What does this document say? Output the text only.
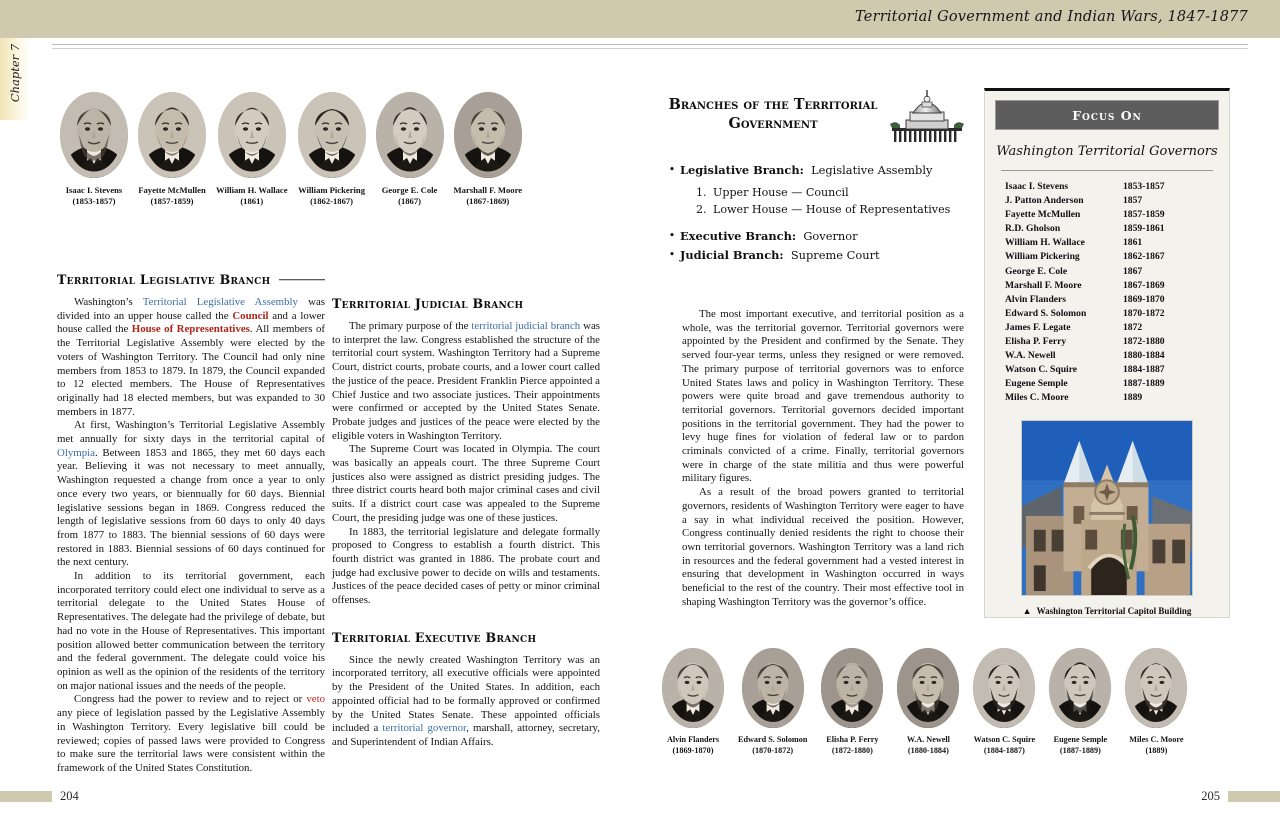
Territorial Government and Indian Wars, 1847-1877
Chapter 7
Isaac I. Stevens
(1853-1857)
Fayette McMullen
(1857-1859)
William H. Wallace
(1861)
William Pickering
(1862-1867)
George E. Cole
(1867)
Marshall F. Moore
(1867-1869)
Branches of the Territorial
Government
• Legislative Branch: Legislative Assembly
1. Upper House — Council
2. Lower House — House of Representatives
• Executive Branch: Governor
• Judicial Branch: Supreme Court
Territorial Legislative Branch

Washington’s Territorial Legislative Assembly was divided into an upper house called the Council and a lower house called the House of Representatives. All members of the Territorial Legislative Assembly were elected by the voters of Washington Territory. The Council had only nine members from 1853 to 1879. In 1879, the Council expanded to 12 elected members. The House of Representatives originally had 18 elected members, but was expanded to 30 members in 1877.

At first, Washington’s Territorial Legislative Assembly met annually for sixty days in the territorial capital of Olympia. Between 1853 and 1865, they met 60 days each year. Believing it was not necessary to meet annually, Washington requested a change from once a year to only once every two years, or biennually for 60 days. Biennial legislative sessions began in 1869. Congress reduced the length of legislative sessions from 60 days to only 40 days from 1877 to 1883. The biennial sessions of 60 days were restored in 1883. Biennial sessions of 60 days continued for the next century.

In addition to its territorial government, each incorporated territory could elect one individual to serve as a territorial delegate to the United States House of Representatives. The delegate had the privilege of debate, but had no vote in the House of Representatives. This important position allowed better communication between the territory and the federal government. The delegate could voice his opinion as well as the opinion of the residents of the territory on major national issues and the needs of the people.

Congress had the power to review and to reject or veto any piece of legislation passed by the Legislative Assembly in Washington Territory. Every legislative bill could be reviewed; copies of passed laws were provided to Congress to make sure the territorial laws were consistent within the framework of the United States Constitution.

Territorial Judicial Branch

The primary purpose of the territorial judicial branch was to interpret the law. Congress established the structure of the territorial court system. Washington Territory had a Supreme Court, district courts, probate courts, and a lower court called the justice of the peace. President Franklin Pierce appointed a Chief Justice and two associate justices. Their appointments were confirmed or accepted by the United States Senate. Probate judges and justices of the peace were elected by the eligible voters in Washington Territory.

The Supreme Court was located in Olympia. The court was basically an appeals court. The three Supreme Court justices also were assigned as district presiding judges. The three district courts heard both major criminal cases and civil suits. If a district court case was appealed to the Supreme Court, the presiding judge was one of these justices.

In 1883, the territorial legislature and delegate formally proposed to Congress to establish a fourth district. This fourth district was granted in 1886. The probate court and judge had exclusive power to decide on wills and testaments. Justices of the peace decided cases of petty or minor criminal offenses.

Territorial Executive Branch

Since the newly created Washington Territory was an incorporated territory, all executive officials were appointed by the President of the United States. In addition, each appointed official had to be formally approved or confirmed by the United States Senate. These appointed officials included a territorial governor, marshall, attorney, secretary, and Superintendent of Indian Affairs.

The most important executive, and territorial position as a whole, was the territorial governor. Territorial governors were appointed by the President and confirmed by the Senate. They served four-year terms, unless they resigned or were removed. The primary purpose of territorial governors was to enforce United States laws and policy in Washington Territory. These powers were quite broad and gave tremendous authority to territorial governors. Territorial governors decided important positions in the territorial government. They had the power to levy huge fines for violation of federal law or to pardon criminals convicted of a crime. Finally, territorial governors were in charge of the state militia and thus were powerful military figures.

As a result of the broad powers granted to territorial governors, residents of Washington Territory were eager to have a say in what individual received the position. However, Congress continually denied residents the right to choose their own territorial governors. Washington Territory was a land rich in resources and the federal government had a vested interest in ensuring that development in Washington occurred in ways beneficial to the rest of the country. Their most effective tool in shaping Washington Territory was the governor’s office.

Focus On
Washington Territorial Governors
Isaac I. Stevens	1853-1857
J. Patton Anderson	1857
Fayette McMullen	1857-1859
R.D. Gholson	1859-1861
William H. Wallace	1861
William Pickering	1862-1867
George E. Cole	1867
Marshall F. Moore	1867-1869
Alvin Flanders	1869-1870
Edward S. Solomon	1870-1872
James F. Legate	1872
Elisha P. Ferry	1872-1880
W.A. Newell	1880-1884
Watson C. Squire	1884-1887
Eugene Semple	1887-1889
Miles C. Moore	1889
▲ Washington Territorial Capitol Building
Alvin Flanders
(1869-1870)
Edward S. Solomon
(1870-1872)
Elisha P. Ferry
(1872-1880)
W.A. Newell
(1880-1884)
Watson C. Squire
(1884-1887)
Eugene Semple
(1887-1889)
Miles C. Moore
(1889)
204	205
